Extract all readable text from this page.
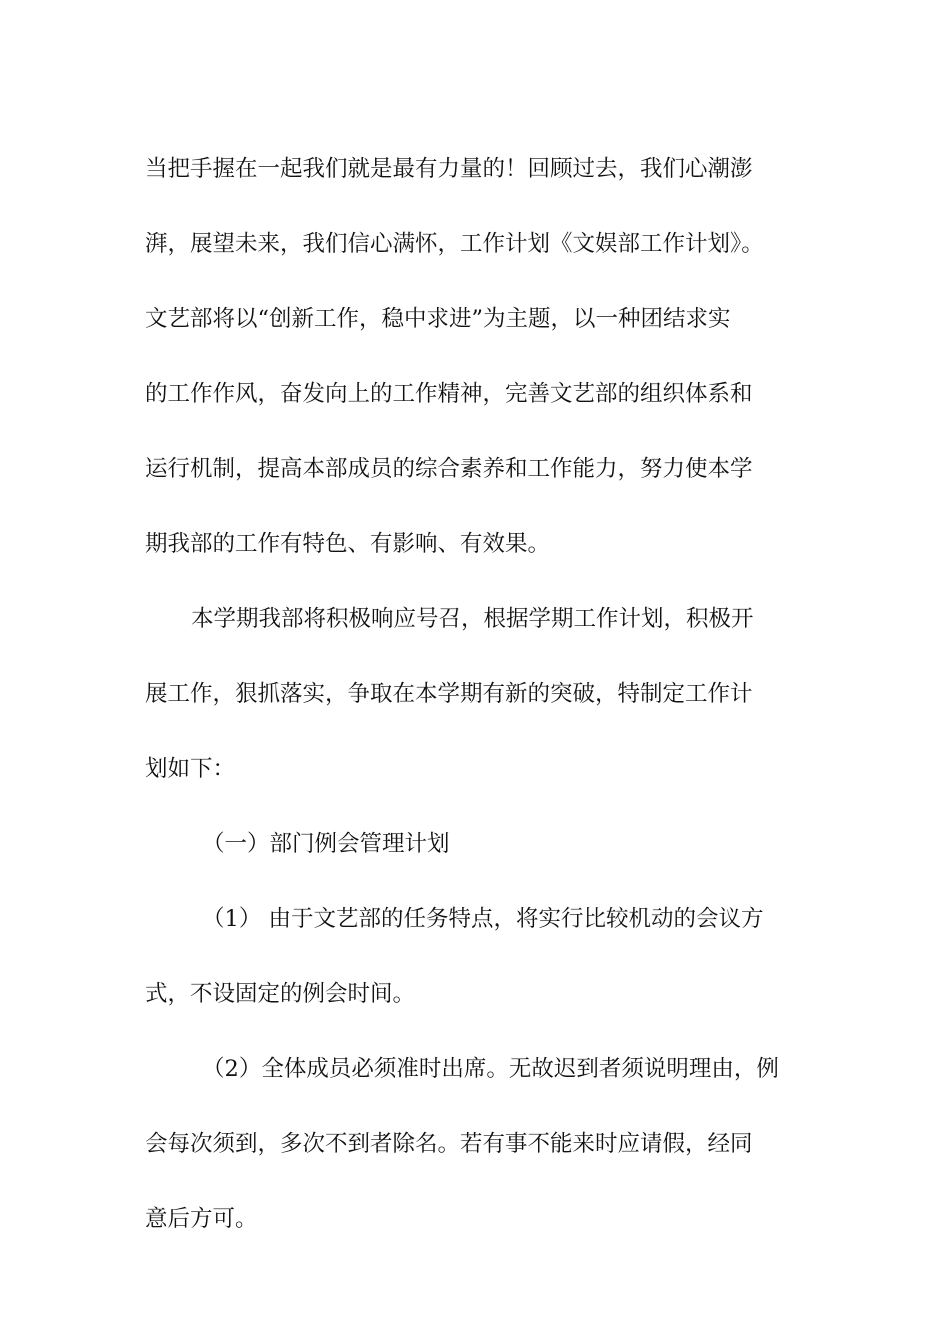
当把手握在一起我们就是最有力量的！回顾过去，我们心潮澎
湃，展望未来，我们信心满怀，工作计划《文娱部工作计划》。
文艺部将以“创新工作，稳中求进”为主题，以一种团结求实
的工作作风，奋发向上的工作精神，完善文艺部的组织体系和
运行机制，提高本部成员的综合素养和工作能力，努力使本学
期我部的工作有特色、有影响、有效果。
本学期我部将积极响应号召，根据学期工作计划，积极开
展工作，狠抓落实，争取在本学期有新的突破，特制定工作计
划如下：
（一）部门例会管理计划
（1） 由于文艺部的任务特点，将实行比较机动的会议方
式，不设固定的例会时间。
（2）全体成员必须准时出席。无故迟到者须说明理由，例
会每次须到，多次不到者除名。若有事不能来时应请假，经同
意后方可。
